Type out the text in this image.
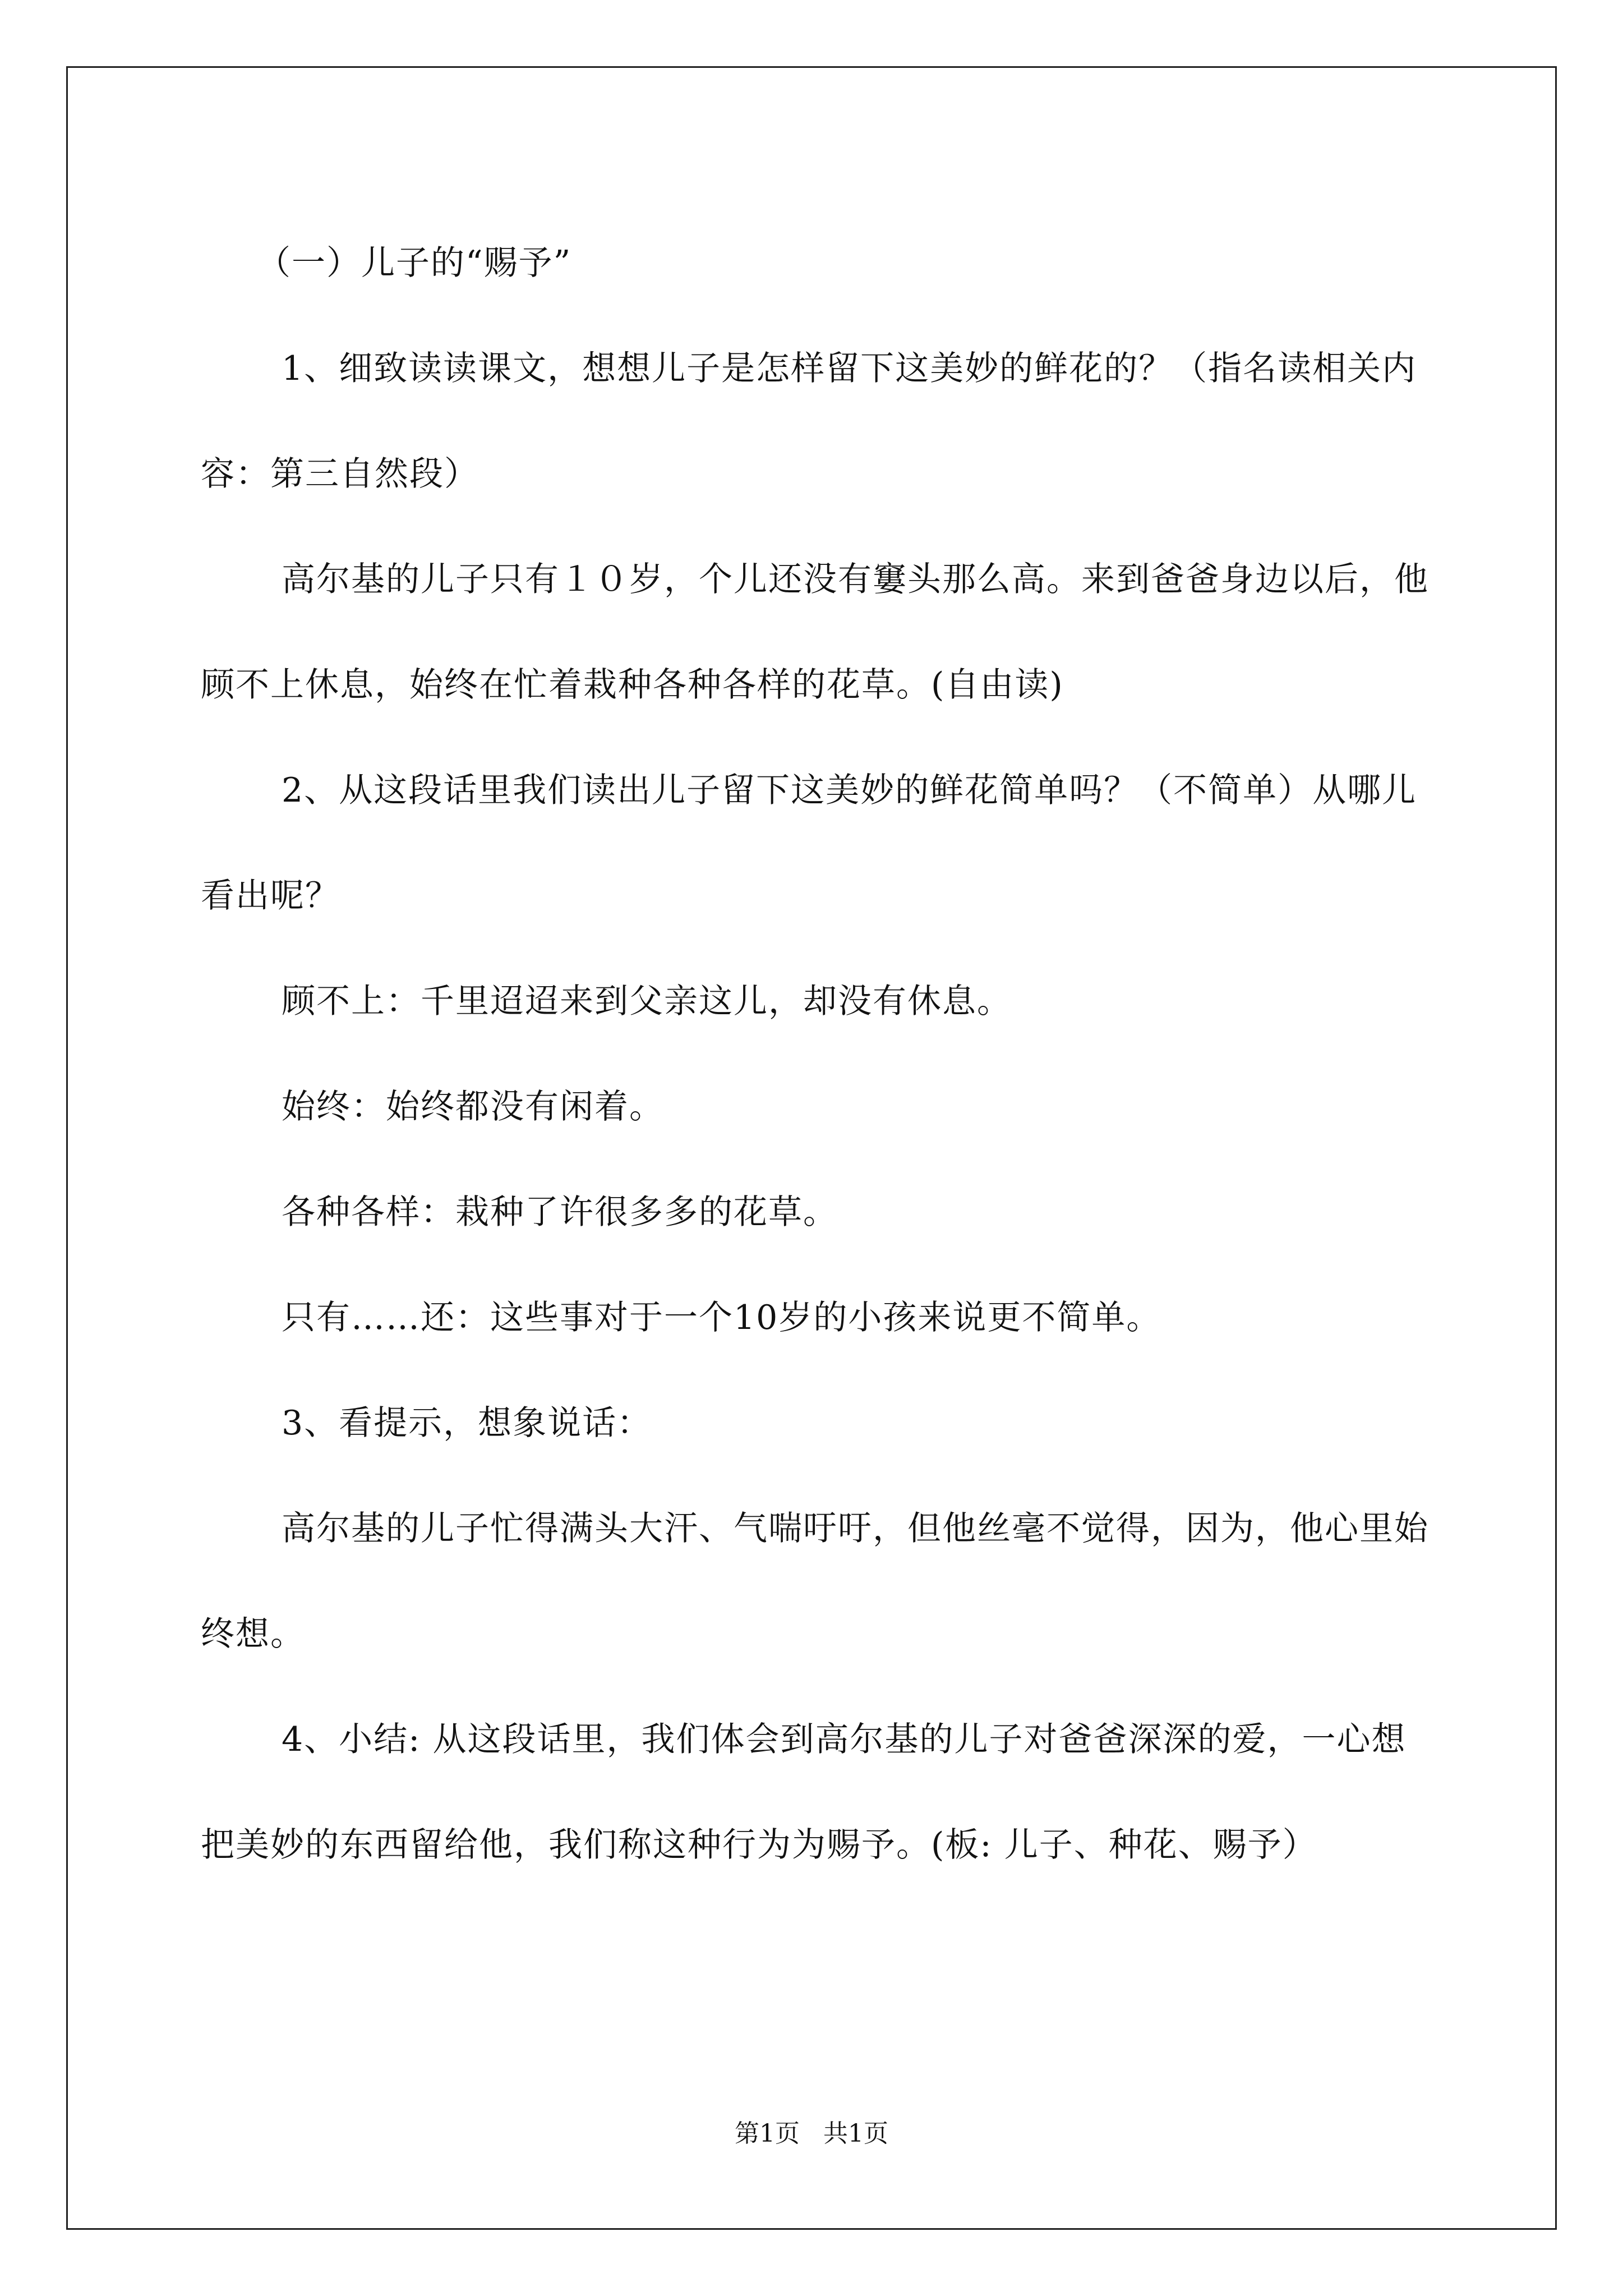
（一）儿子的“赐予”

1、细致读读课文，想想儿子是怎样留下这美妙的鲜花的？（指名读相关内容：第三自然段）

高尔基的儿子只有１０岁，个儿还没有窶头那么高。来到爸爸身边以后，他顾不上休息，始终在忙着栽种各种各样的花草。(自由读)

2、从这段话里我们读出儿子留下这美妙的鲜花简单吗？（不简单）从哪儿看出呢？

顾不上：千里迢迢来到父亲这儿，却没有休息。

始终：始终都没有闲着。

各种各样：栽种了许很多多的花草。

只有……还：这些事对于一个10岁的小孩来说更不简单。

3、看提示，想象说话：

高尔基的儿子忙得满头大汗、气喘吁吁，但他丝毫不觉得，因为，他心里始终想。

4、小结: 从这段话里，我们体会到高尔基的儿子对爸爸深深的爱，一心想把美妙的东西留给他，我们称这种行为为赐予。(板: 儿子、种花、赐予）

第1页   共1页
